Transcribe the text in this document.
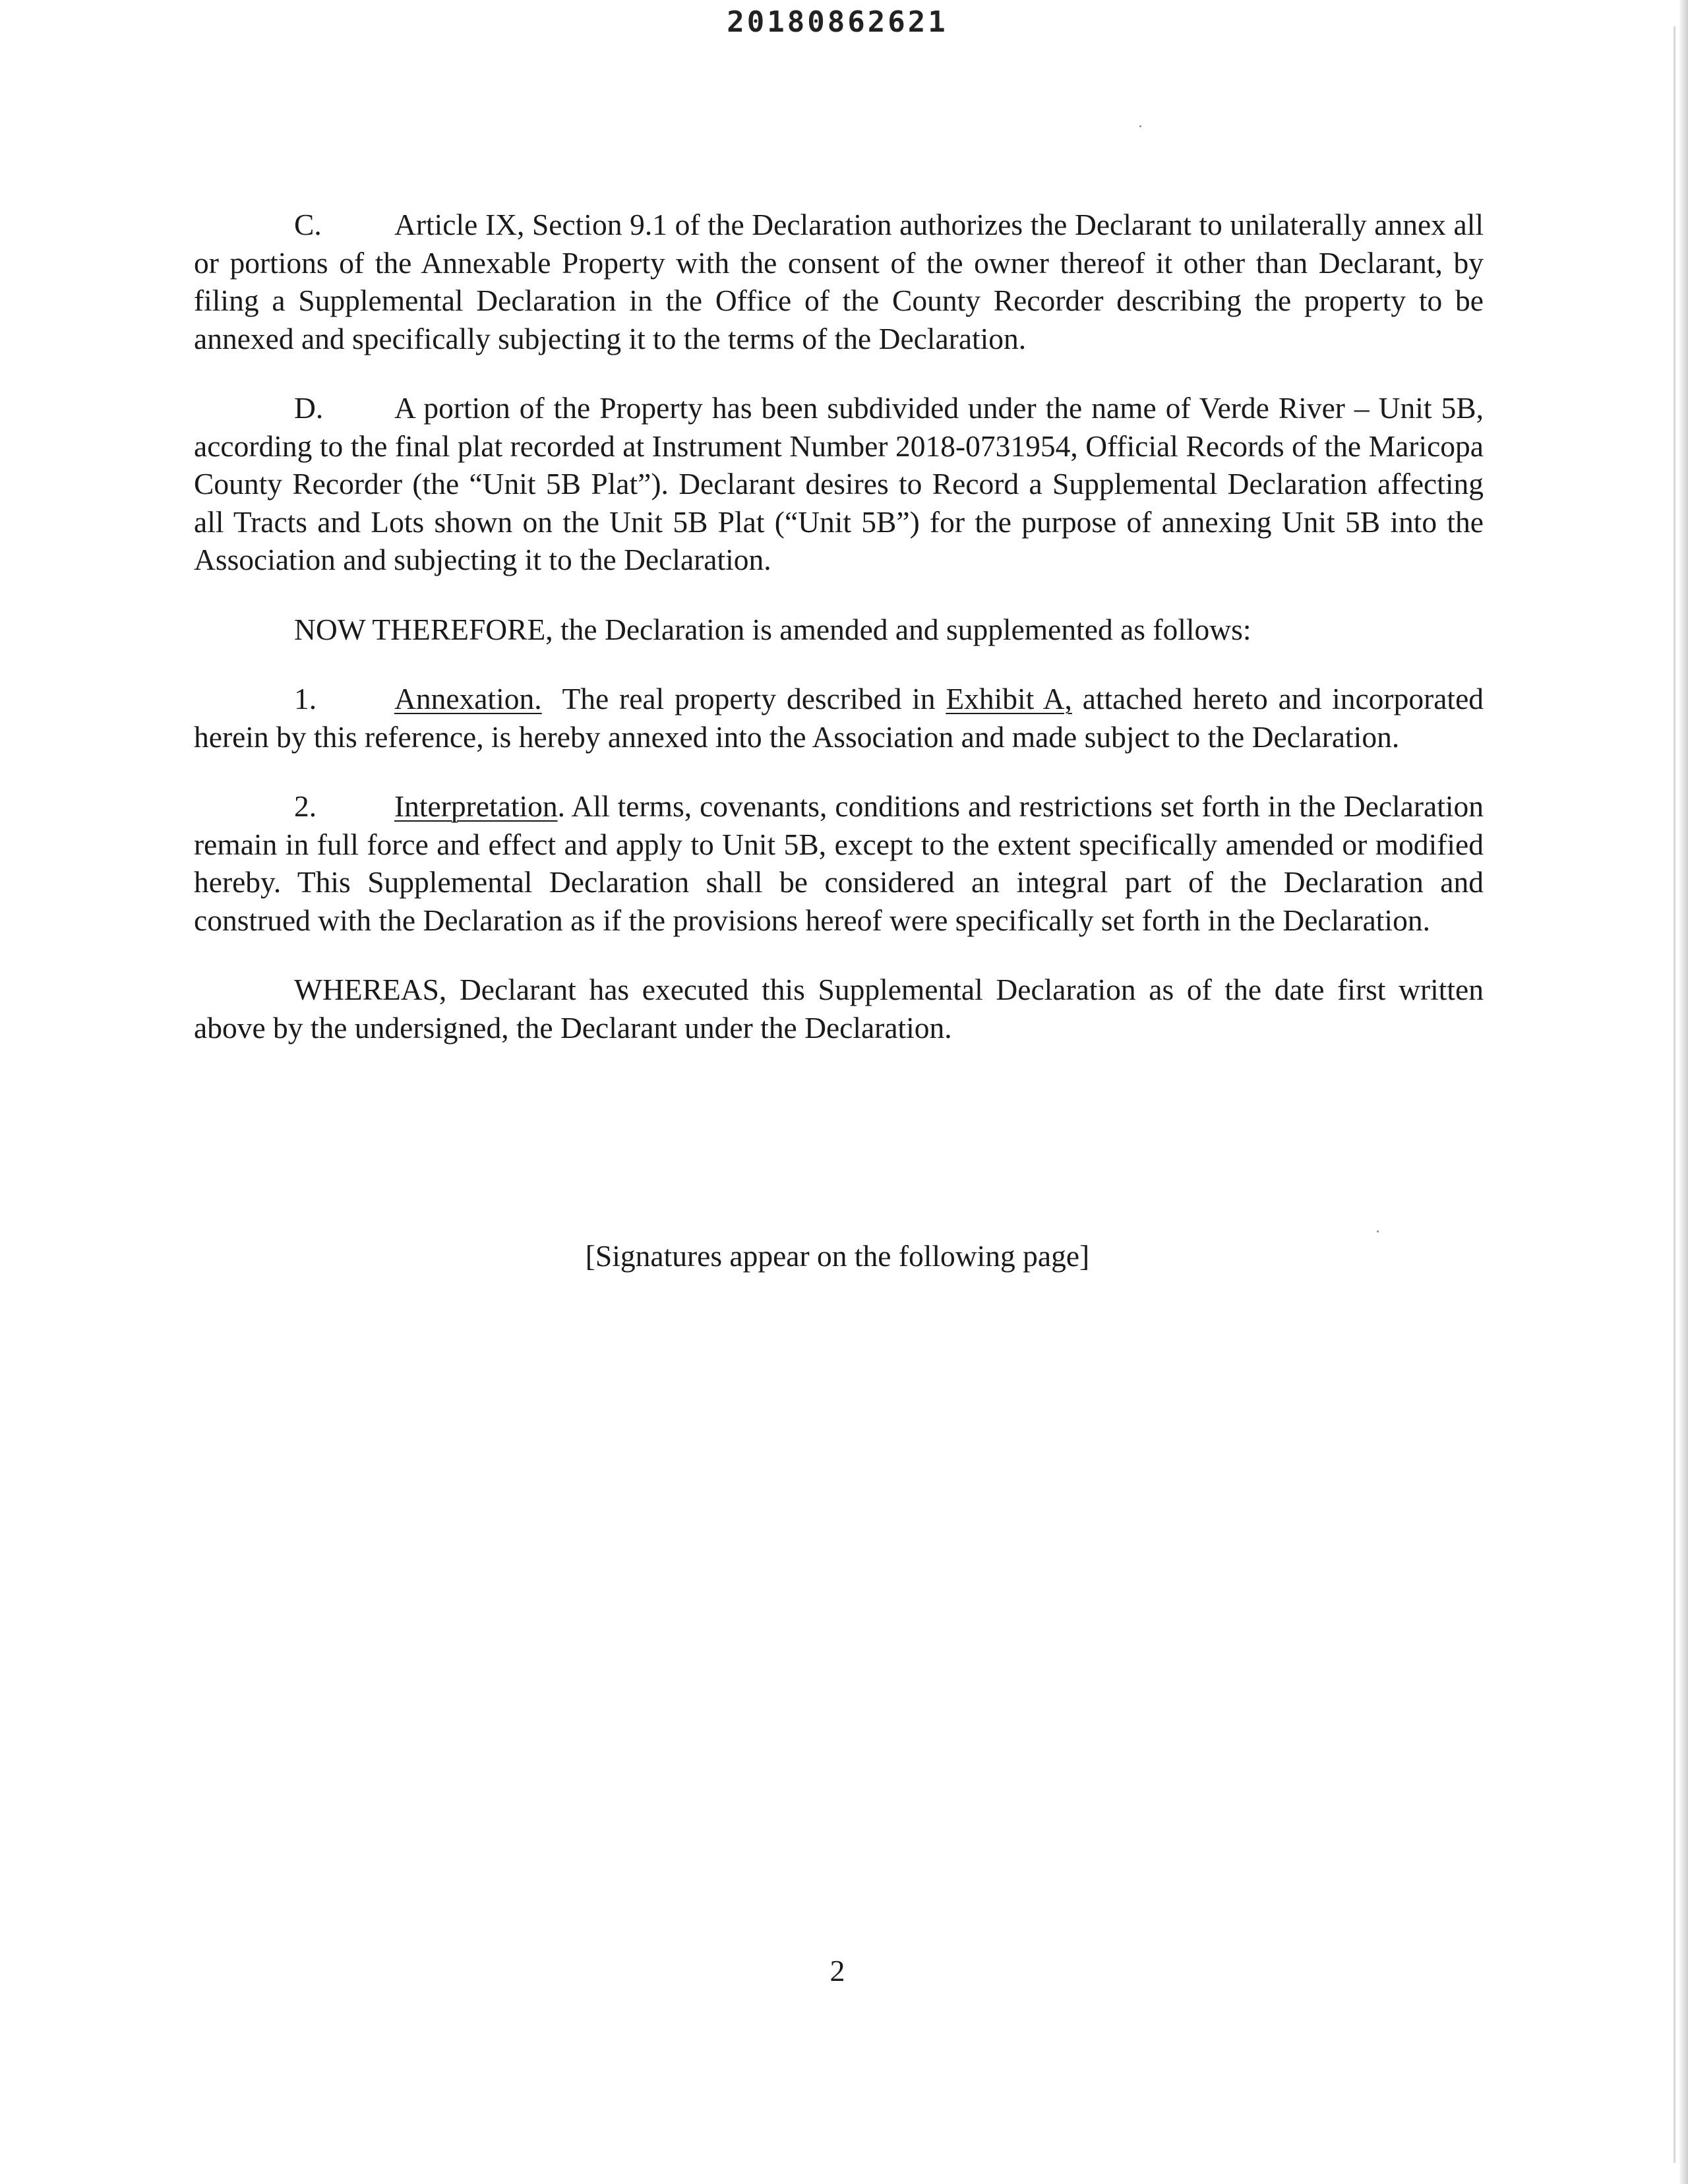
20180862621

C. Article IX, Section 9.1 of the Declaration authorizes the Declarant to unilaterally annex all or portions of the Annexable Property with the consent of the owner thereof it other than Declarant, by filing a Supplemental Declaration in the Office of the County Recorder describing the property to be annexed and specifically subjecting it to the terms of the Declaration.

D. A portion of the Property has been subdivided under the name of Verde River – Unit 5B, according to the final plat recorded at Instrument Number 2018-0731954, Official Records of the Maricopa County Recorder (the “Unit 5B Plat”). Declarant desires to Record a Supplemental Declaration affecting all Tracts and Lots shown on the Unit 5B Plat (“Unit 5B”) for the purpose of annexing Unit 5B into the Association and subjecting it to the Declaration.

NOW THEREFORE, the Declaration is amended and supplemented as follows:

1.	Annexation. The real property described in Exhibit A, attached hereto and incorporated herein by this reference, is hereby annexed into the Association and made subject to the Declaration.

2.	Interpretation. All terms, covenants, conditions and restrictions set forth in the Declaration remain in full force and effect and apply to Unit 5B, except to the extent specifically amended or modified hereby. This Supplemental Declaration shall be considered an integral part of the Declaration and construed with the Declaration as if the provisions hereof were specifically set forth in the Declaration.

WHEREAS, Declarant has executed this Supplemental Declaration as of the date first written above by the undersigned, the Declarant under the Declaration.

[Signatures appear on the following page]
2
